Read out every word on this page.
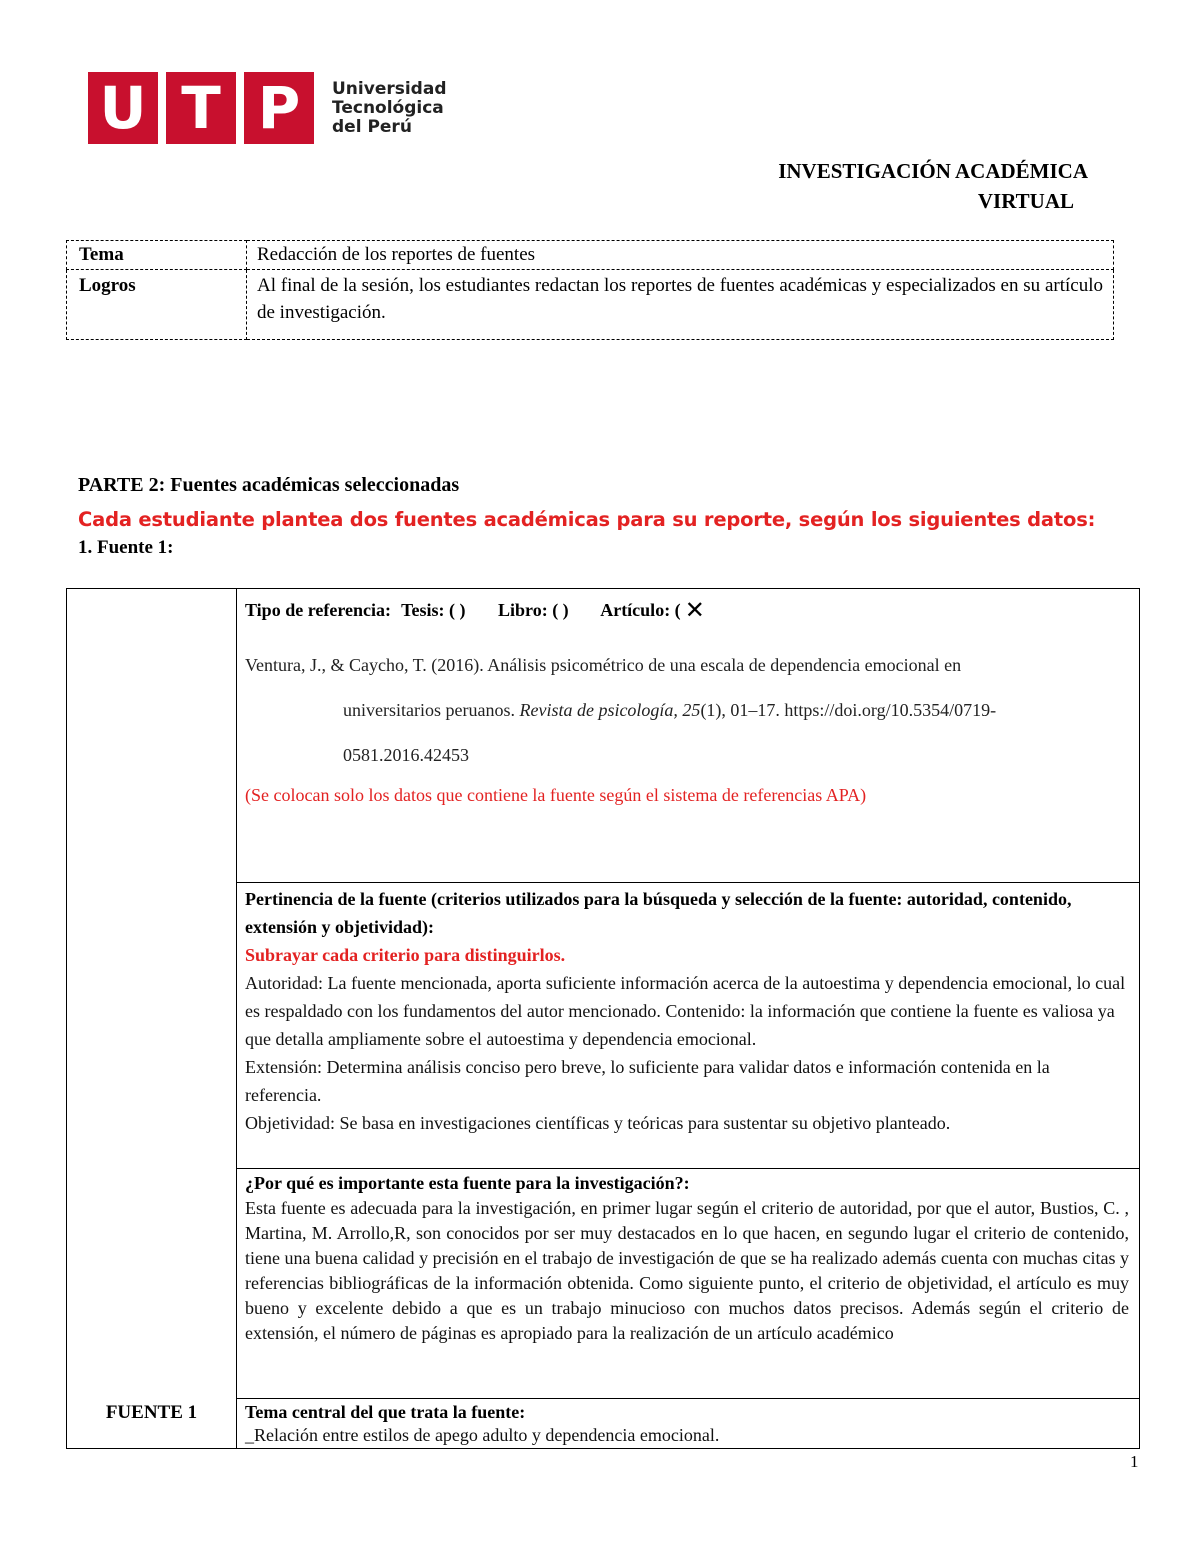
U T P	Universidad
Tecnológica
del Perú
INVESTIGACIÓN ACADÉMICA
VIRTUAL
Tema	Redacción de los reportes de fuentes
Logros	Al final de la sesión, los estudiantes redactan los reportes de fuentes académicas y especializados en su artículo de investigación.
PARTE 2: Fuentes académicas seleccionadas
Cada estudiante plantea dos fuentes académicas para su reporte, según los siguientes datos:
1. Fuente 1:
FUENTE 1	
Tipo de referencia: Tesis: ( ) Libro: ( ) Artículo: ( ✕
Ventura, J., & Caycho, T. (2016). Análisis psicométrico de una escala de dependencia emocional en
universitarios peruanos. Revista de psicología, 25(1), 01–17. https://doi.org/10.5354/0719-
0581.2016.42453
(Se colocan solo los datos que contiene la fuente según el sistema de referencias APA)

Pertinencia de la fuente (criterios utilizados para la búsqueda y selección de la fuente: autoridad, contenido, extensión y objetividad):
Subrayar cada criterio para distinguirlos.
Autoridad: La fuente mencionada, aporta suficiente información acerca de la autoestima y dependencia emocional, lo cual es respaldado con los fundamentos del autor mencionado. Contenido: la información que contiene la fuente es valiosa ya que detalla ampliamente sobre el autoestima y dependencia emocional.
Extensión: Determina análisis conciso pero breve, lo suficiente para validar datos e información contenida en la referencia.
Objetividad: Se basa en investigaciones científicas y teóricas para sustentar su objetivo planteado.

¿Por qué es importante esta fuente para la investigación?:
Esta fuente es adecuada para la investigación, en primer lugar según el criterio de autoridad, por que el autor, Bustios, C. , Martina, M. Arrollo,R, son conocidos por ser muy destacados en lo que hacen, en segundo lugar el criterio de contenido, tiene una buena calidad y precisión en el trabajo de investigación de que se ha realizado además cuenta con muchas citas y referencias bibliográficas de la información obtenida. Como siguiente punto, el criterio de objetividad, el artículo es muy bueno y excelente debido a que es un trabajo minucioso con muchos datos precisos. Además según el criterio de extensión, el número de páginas es apropiado para la realización de un artículo académico

Tema central del que trata la fuente:
_Relación entre estilos de apego adulto y dependencia emocional.
1
